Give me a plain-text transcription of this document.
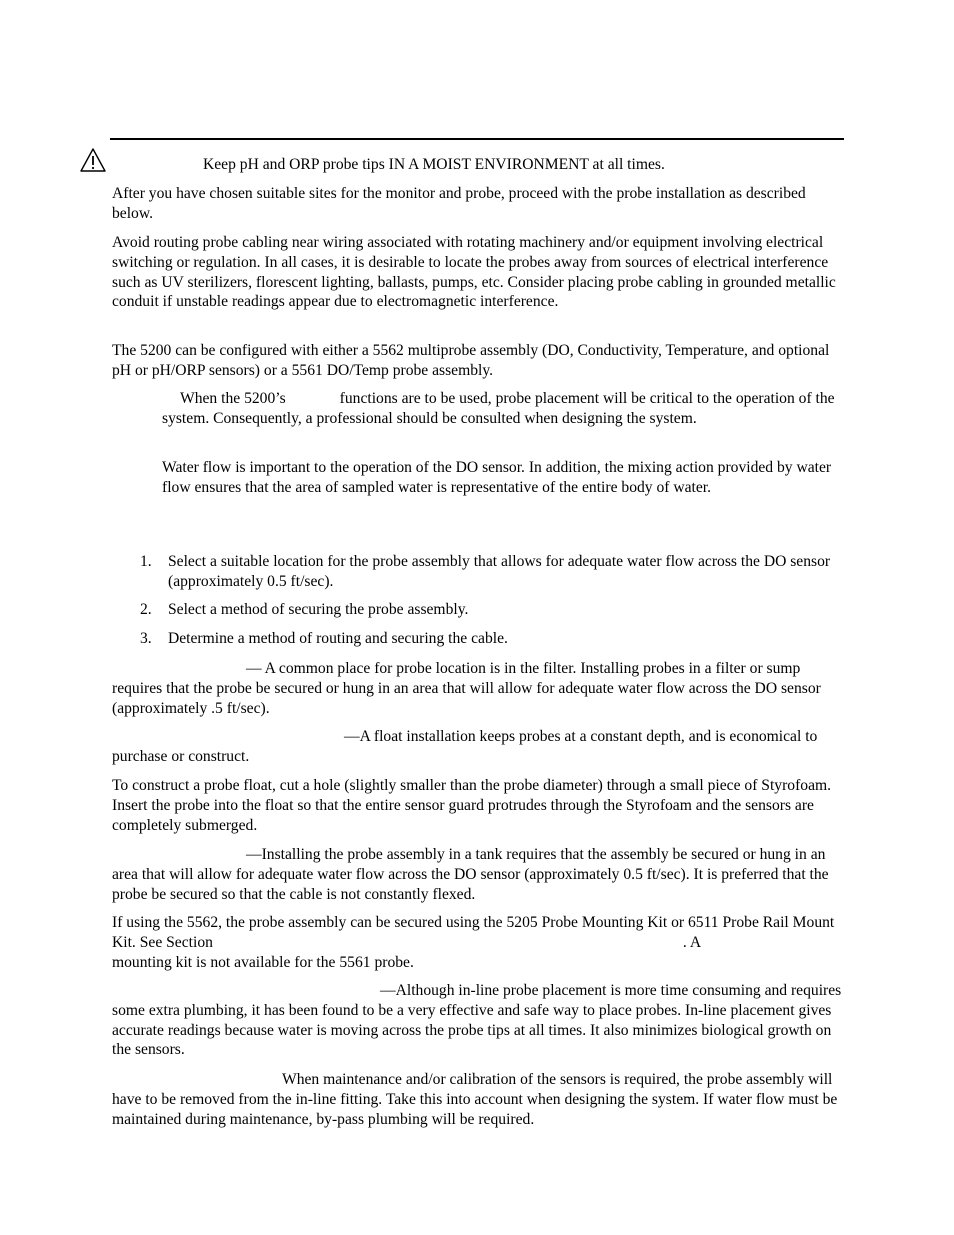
Keep pH and ORP probe tips IN A MOIST ENVIRONMENT at all times.

After you have chosen suitable sites for the monitor and probe, proceed with the probe installation as described below.

Avoid routing probe cabling near wiring associated with rotating machinery and/or equipment involving electrical switching or regulation. In all cases, it is desirable to locate the probes away from sources of electrical interference such as UV sterilizers, florescent lighting, ballasts, pumps, etc. Consider placing probe cabling in grounded metallic conduit if unstable readings appear due to electromagnetic interference.

The 5200 can be configured with either a 5562 multiprobe assembly (DO, Conductivity, Temperature, and optional pH or pH/ORP sensors) or a 5561 DO/Temp probe assembly.

When the 5200’s	functions are to be used, probe placement will be critical to the operation of the system. Consequently, a professional should be consulted when designing the system.

Water flow is important to the operation of the DO sensor. In addition, the mixing action provided by water flow ensures that the area of sampled water is representative of the entire body of water.

1.	Select a suitable location for the probe assembly that allows for adequate water flow across the DO sensor (approximately 0.5 ft/sec).
2.	Select a method of securing the probe assembly.
3.	Determine a method of routing and securing the cable.

— A common place for probe location is in the filter. Installing probes in a filter or sump requires that the probe be secured or hung in an area that will allow for adequate water flow across the DO sensor (approximately .5 ft/sec).

—A float installation keeps probes at a constant depth, and is economical to purchase or construct.

To construct a probe float, cut a hole (slightly smaller than the probe diameter) through a small piece of Styrofoam. Insert the probe into the float so that the entire sensor guard protrudes through the Styrofoam and the sensors are completely submerged.

—Installing the probe assembly in a tank requires that the assembly be secured or hung in an area that will allow for adequate water flow across the DO sensor (approximately 0.5 ft/sec). It is preferred that the probe be secured so that the cable is not constantly flexed.

If using the 5562, the probe assembly can be secured using the 5205 Probe Mounting Kit or 6511 Probe Rail Mount Kit. See Section	. A
mounting kit is not available for the 5561 probe.

—Although in-line probe placement is more time consuming and requires some extra plumbing, it has been found to be a very effective and safe way to place probes. In-line placement gives accurate readings because water is moving across the probe tips at all times. It also minimizes biological growth on the sensors.

When maintenance and/or calibration of the sensors is required, the probe assembly will have to be removed from the in-line fitting. Take this into account when designing the system. If water flow must be maintained during maintenance, by-pass plumbing will be required.
